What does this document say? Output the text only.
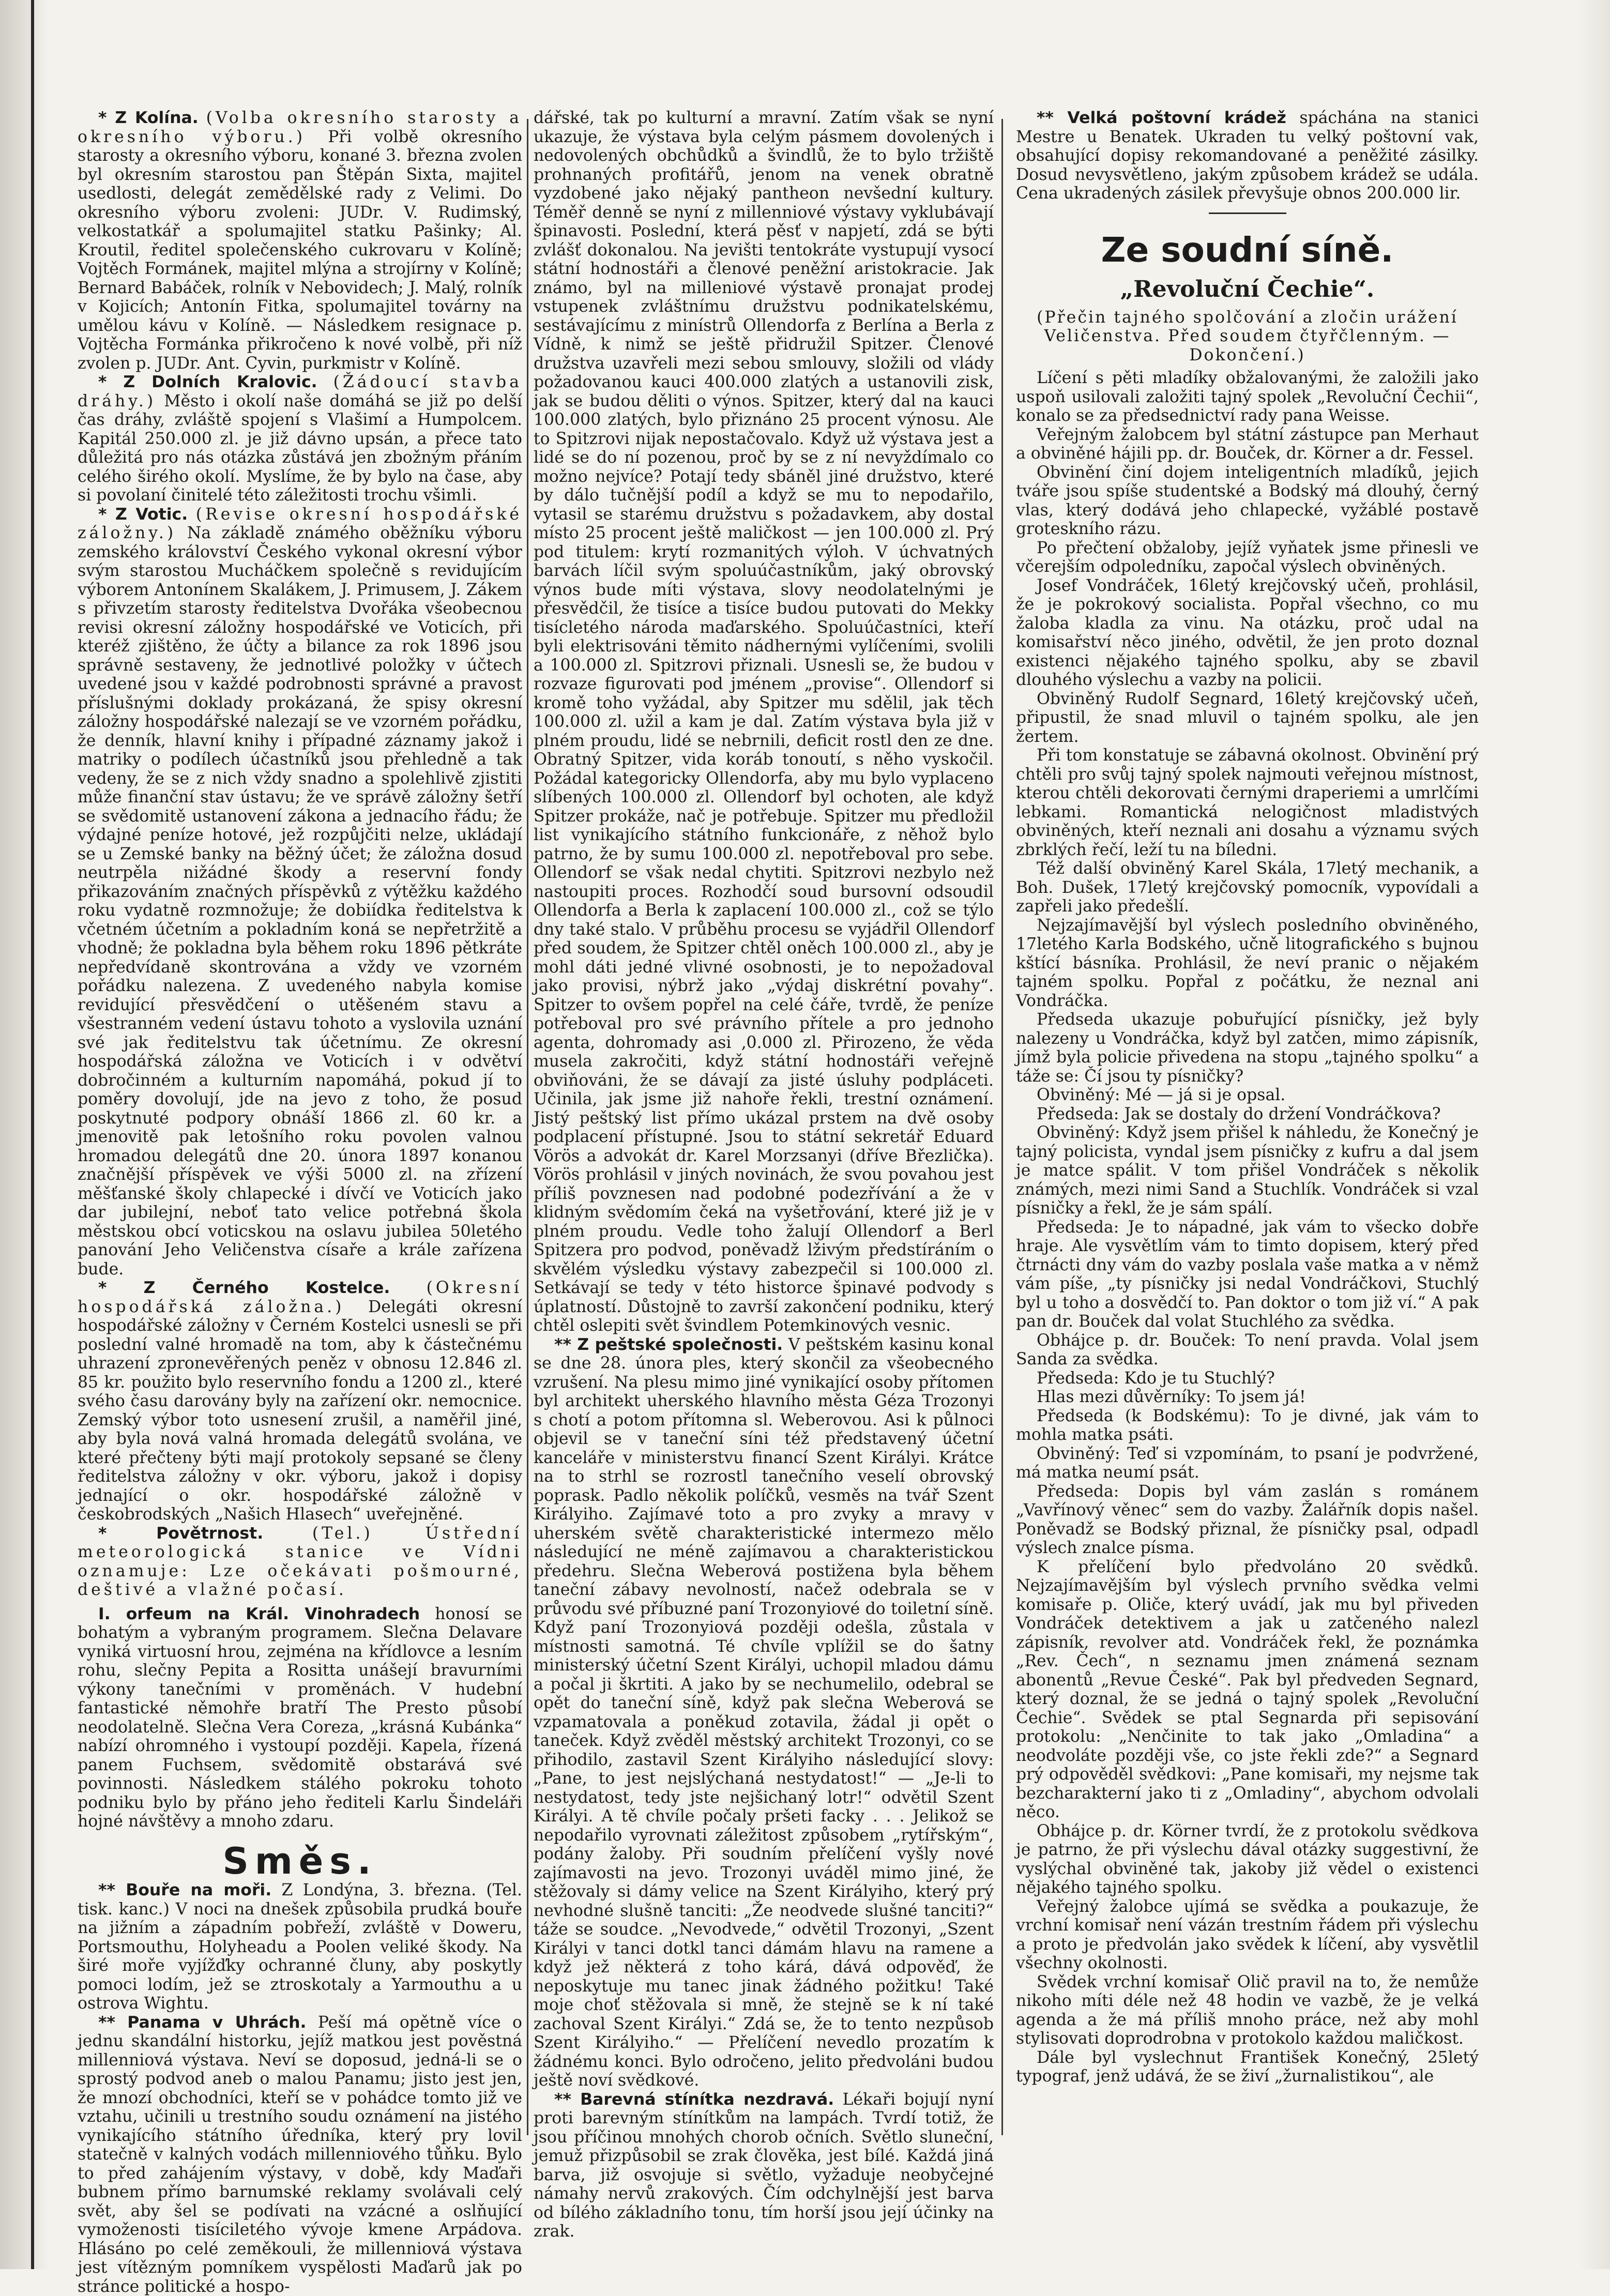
* Z Kolína. (Volba okresního starosty a okresního výboru.) Při volbě okresního starosty a okresního výboru, konané 3. března zvolen byl okresním starostou pan Štěpán Sixta, majitel usedlosti, delegát zemědělské rady z Velimi. Do okresního výboru zvoleni: JUDr. V. Rudimský, velkostatkář a spolumajitel statku Pašinky; Al. Kroutil, ředitel společenského cukrovaru v Kolíně; Vojtěch Formánek, majitel mlýna a strojírny v Kolíně; Bernard Babáček, rolník v Nebovidech; J. Malý, rolník v Kojicích; Antonín Fitka, spolumajitel továrny na umělou kávu v Kolíně. — Následkem resignace p. Vojtěcha Formánka přikročeno k nové volbě, při níž zvolen p. JUDr. Ant. Cyvin, purkmistr v Kolíně.

* Z Dolních Kralovic. (Žádoucí stavba dráhy.) Město i okolí naše domáhá se již po delší čas dráhy, zvláště spojení s Vlašimí a Humpolcem. Kapitál 250.000 zl. je již dávno upsán, a přece tato důležitá pro nás otázka zůstává jen zbožným přáním celého širého okolí. Myslíme, že by bylo na čase, aby si povolaní činitelé této záležitosti trochu všimli.

* Z Votic. (Revise okresní hospodářské záložny.) Na základě známého oběžníku výboru zemského království Českého vykonal okresní výbor svým starostou Mucháčkem společně s revidujícím výborem Antonínem Skalákem, J. Primusem, J. Zákem s přivzetím starosty ředitelstva Dvořáka všeobecnou revisi okresní záložny hospodářské ve Voticích, při kteréž zjištěno, že účty a bilance za rok 1896 jsou správně sestaveny, že jednotlivé položky v účtech uvedené jsou v každé podrobnosti správné a pravost příslušnými doklady prokázaná, že spisy okresní záložny hospodářské nalezají se ve vzorném pořádku, že denník, hlavní knihy i případné záznamy jakož i matriky o podílech účastníků jsou přehledně a tak vedeny, že se z nich vždy snadno a spolehlivě zjistiti může finanční stav ústavu; že ve správě záložny šetří se svědomitě ustanovení zákona a jednacího řádu; že výdajné peníze hotové, jež rozpůjčiti nelze, ukládají se u Zemské banky na běžný účet; že záložna dosud neutrpěla nižádné škody a reservní fondy přikazováním značných příspěvků z výtěžku každého roku vydatně rozmnožuje; že dobiídka ředitelstva k včetném účetním a pokladním koná se nepřetržitě a vhodně; že pokladna byla během roku 1896 pětkráte nepředvídaně skontrována a vždy ve vzorném pořádku nalezena. Z uvedeného nabyla komise revidující přesvědčení o utěšeném stavu a všestranném vedení ústavu tohoto a vyslovila uznání své jak ředitelstvu tak účetnímu. Ze okresní hospodářská záložna ve Voticích i v odvětví dobročinném a kulturním napomáhá, pokud jí to poměry dovolují, jde na jevo z toho, že posud poskytnuté podpory obnáší 1866 zl. 60 kr. a jmenovitě pak letošního roku povolen valnou hromadou delegátů dne 20. února 1897 konanou značnější příspěvek ve výši 5000 zl. na zřízení měšťanské školy chlapecké i dívčí ve Voticích jako dar jubilejní, neboť tato velice potřebná škola městskou obcí voticskou na oslavu jubilea 50letého panování Jeho Veličenstva císaře a krále zařízena bude.

* Z Černého Kostelce. (Okresní hospodářská záložna.) Delegáti okresní hospodářské záložny v Černém Kostelci usnesli se při poslední valné hromadě na tom, aby k částečnému uhrazení zpronevěřených peněz v obnosu 12.846 zl. 85 kr. použito bylo reservního fondu a 1200 zl., které svého času darovány byly na zařízení okr. nemocnice. Zemský výbor toto usnesení zrušil, a naměřil jiné, aby byla nová valná hromada delegátů svolána, ve které přečteny býti mají protokoly sepsané se členy ředitelstva záložny v okr. výboru, jakož i dopisy jednající o okr. hospodářské záložně v českobrodských „Našich Hlasech“ uveřejněné.

* Povětrnost.	(Tel.) Ústřední meteorologická stanice ve Vídni oznamuje: Lze očekávati pošmourné, deštivé a vlažné počasí.

I. orfeum na Král. Vinohradech honosí se bohatým a vybraným programem. Slečna Delavare vyniká virtuosní hrou, zejména na křídlovce a lesním rohu, slečny Pepita a Rositta unášejí bravurními výkony tanečními v proměnách. V hudební fantastické němohře bratří The Presto působí neodolatelně. Slečna Vera Coreza, „krásná Kubánka“ nabízí ohromného i vystoupí později. Kapela, řízená panem Fuchsem, svědomitě obstarává své povinnosti. Následkem stálého pokroku tohoto podniku bylo by přáno jeho řediteli Karlu Šindeláři hojné návštěvy a mnoho zdaru.

Směs.

** Bouře na moři. Z Londýna, 3. března. (Tel. tisk. kanc.) V noci na dnešek způsobila prudká bouře na jižním a západním pobřeží, zvláště v Doweru, Portsmouthu, Holyheadu a Poolen veliké škody. Na širé moře vyjížďky ochranné čluny, aby poskytly pomoci lodím, jež se ztroskotaly a Yarmouthu a u ostrova Wightu.

** Panama v Uhrách. Peší má opětně více o jednu skandální historku, jejíž matkou jest pověstná millenniová výstava. Neví se doposud, jedná-li se o sprostý podvod aneb o malou Panamu; jisto jest jen, že mnozí obchodníci, kteří se v pohádce tomto již ve vztahu, učinili u trestního soudu oznámení na jistého vynikajícího státního úředníka, který pry lovil statečně v kalných vodách millenniového tůňku. Bylo to před zahájením výstavy, v době, kdy Maďaři bubnem přímo barnumské reklamy svolávali celý svět, aby šel se podívati na vzácné a oslňující vymoženosti tisíciletého vývoje kmene Arpádova. Hlásáno po celé zeměkouli, že millenniová výstava jest vítězným pomníkem vyspělosti Maďarů jak po stránce politické a hospo-

dářské, tak po kulturní a mravní. Zatím však se nyní ukazuje, že výstava byla celým pásmem dovolených i nedovolených obchůdků a švindlů, že to bylo tržiště prohnaných profitářů, jenom na venek obratně vyzdobené jako nějaký pantheon nevšední kultury. Téměř denně se nyní z millenniové výstavy vyklubávají špinavosti. Poslední, která pěsť v napjetí, zdá se býti zvlášť dokonalou. Na jevišti tentokráte vystupují vysocí státní hodnostáři a členové peněžní aristokracie. Jak známo, byl na milleniové výstavě pronajat prodej vstupenek zvláštnímu družstvu podnikatelskému, sestávajícímu z minístrů Ollendorfa z Berlína a Berla z Vídně, k nimž se ještě přidružil Spitzer. Členové družstva uzavřeli mezi sebou smlouvy, složili od vlády požadovanou kauci 400.000 zlatých a ustanovili zisk, jak se budou děliti o výnos. Spitzer, který dal na kauci 100.000 zlatých, bylo přiznáno 25 procent výnosu. Ale to Spitzrovi nijak nepostačovalo. Když už výstava jest a lidé se do ní pozenou, proč by se z ní nevyždímalo co možno nejvíce? Potají tedy sbáněl jiné družstvo, které by dálo tučnější podíl a když se mu to nepodařilo, vytasil se starému družstvu s požadavkem, aby dostal místo 25 procent ještě maličkost — jen 100.000 zl. Prý pod titulem: krytí rozmanitých výloh. V úchvatných barvách líčil svým spoluúčastníkům, jaký obrovský výnos bude míti výstava, slovy neodolatelnými je přesvědčil, že tisíce a tisíce budou putovati do Mekky tisícletého národa maďarského. Spoluúčastníci, kteří byli elektrisováni těmito nádhernými vylíčeními, svolili a 100.000 zl. Spitzrovi přiznali. Usnesli se, že budou v rozvaze figurovati pod jménem „provise“. Ollendorf si kromě toho vyžádal, aby Spitzer mu sdělil, jak těch 100.000 zl. užil a kam je dal. Zatím výstava byla již v plném proudu, lidé se nebrnili, deficit rostl den ze dne. Obratný Spitzer, vida koráb tonoutí, s něho vyskočil. Požádal kategoricky Ollendorfa, aby mu bylo vyplaceno slíbených 100.000 zl. Ollendorf byl ochoten, ale když Spitzer prokáže, nač je potřebuje. Spitzer mu předložil list vynikajícího státního funkcionáře, z něhož bylo patrno, že by sumu 100.000 zl. nepotřeboval pro sebe. Ollendorf se však nedal chytiti. Spitzrovi nezbylo než nastoupiti proces. Rozhodčí soud bursovní odsoudil Ollendorfa a Berla k zaplacení 100.000 zl., což se týlo dny také stalo. V průběhu procesu se vyjádřil Ollendorf před soudem, že Spitzer chtěl oněch 100.000 zl., aby je mohl dáti jedné vlivné osobnosti, je to nepožadoval jako provisi, nýbrž jako „výdaj diskrétní povahy“. Spitzer to ovšem popřel na celé čáře, tvrdě, že peníze potřeboval pro své právního přítele a pro jednoho agenta, dohromady asi ‚0.000 zl. Přirozeno, že věda musela zakročiti, když státní hodnostáři veřejně obviňováni, že se dávají za jisté úsluhy podpláceti. Učinila, jak jsme již nahoře řekli, trestní oznámení. Jistý peštský list přímo ukázal prstem na dvě osoby podplacení přístupné. Jsou to státní sekretář Eduard Vörös a advokát dr. Karel Morzsanyi (dříve Březlička). Vörös prohlásil v jiných novinách, že svou povahou jest příliš povznesen nad podobné podezřívání a že v klidným svědomím čeká na vyšetřování, které již je v plném proudu. Vedle toho žalují Ollendorf a Berl Spitzera pro podvod, poněvadž lživým předstíráním o skvělém výsledku výstavy zabezpečil si 100.000 zl. Setkávají se tedy v této historce špinavé podvody s úplatností. Důstojně to završí zakončení podniku, který chtěl oslepiti svět švindlem Potemkinových vesnic.

** Z peštské společnosti. V peštském kasinu konal se dne 28. února ples, který skončil za všeobecného vzrušení. Na plesu mimo jiné vynikající osoby přítomen byl architekt uherského hlavního města Géza Trozonyi s chotí a potom přítomna sl. Weberovou. Asi k půlnoci objevil se v taneční síni též představený účetní kanceláře v ministerstvu financí Szent Királyi. Krátce na to strhl se rozrostl tanečního veselí obrovský poprask. Padlo několik políčků, vesměs na tvář Szent Királyiho. Zajímavé toto a pro zvyky a mravy v uherském světě charakteristické intermezo mělo následující ne méně zajímavou a charakteristickou předehru. Slečna Weberová postižena byla během taneční zábavy nevolností, načež odebrala se v průvodu své příbuzné paní Trozonyiové do toiletní síně. Když paní Trozonyiová později odešla, zůstala v místnosti samotná. Té chvíle vplížil se do šatny ministerský účetní Szent Királyi, uchopil mladou dámu a počal ji škrtiti. A jako by se nechumelilo, odebral se opět do taneční síně, když pak slečna Weberová se vzpamatovala a poněkud zotavila, žádal ji opět o taneček. Když zvěděl městský architekt Trozonyi, co se přihodilo, zastavil Szent Királyiho následující slovy: „Pane, to jest nejslýchaná nestydatost!“ — „Je-li to nestydatost, tedy jste nejšichaný lotr!“ odvětil Szent Királyi. A tě chvíle počaly pršeti facky . . . Jelikož se nepodařilo vyrovnati záležitost způsobem „rytířským“, podány žaloby. Při soudním přelíčení vyšly nové zajímavosti na jevo. Trozonyi uváděl mimo jiné, že stěžovaly si dámy velice na Szent Királyiho, který prý nevhodné slušně tanciti: „Že neodvede slušné tanciti?“ táže se soudce. „Nevodvede,“ odvětil Trozonyi, „Szent Királyi v tanci dotkl tanci dámám hlavu na ramene a když jež některá z toho kárá, dává odpověď, že neposkytuje mu tanec jinak žádného požitku! Také moje choť stěžovala si mně, že stejně se k ní také zachoval Szent Királyi.“ Zdá se, že to tento nezpůsob Szent Királyiho.“ — Přelíčení nevedlo prozatím k žádnému konci. Bylo odročeno, jelito předvoláni budou ještě noví svědkové.

** Barevná stínítka nezdravá. Lékaři bojují nyní proti barevným stínítkům na lampách. Tvrdí totiž, že jsou příčinou mnohých chorob očních. Světlo sluneční, jemuž přizpůsobil se zrak člověka, jest bílé. Každá jiná barva, již osvojuje si světlo, vyžaduje neobyčejné námahy nervů zrakových. Čím odchylnější jest barva od bílého základního tonu, tím horší jsou její účinky na zrak.

** Velká poštovní krádež spáchána na stanici Mestre u Benatek. Ukraden tu velký poštovní vak, obsahující dopisy rekomandované a peněžité zásilky. Dosud nevysvětleno, jakým způsobem krádež se udála. Cena ukradených zásilek převyšuje obnos 200.000 lir.

Ze soudní síně.
„Revoluční Čechie“.

(Přečin tajného spolčování a zločin urážení Veličenstva. Před soudem čtyřčlenným. — Dokončení.)

Líčení s pěti mladíky obžalovanými, že založili jako uspoň usilovali založiti tajný spolek „Revoluční Čechii“, konalo se za předsednictví rady pana Weisse.

Veřejným žalobcem byl státní zástupce pan Merhaut a obviněné hájili pp. dr. Bouček, dr. Körner a dr. Fessel.

Obvinění činí dojem inteligentních mladíků, jejich tváře jsou spíše studentské a Bodský má dlouhý, černý vlas, který dodává jeho chlapecké, vyžáblé postavě groteskního rázu.

Po přečtení obžaloby, jejíž vyňatek jsme přinesli ve včerejším odpoledníku, započal výslech obviněných.

Josef Vondráček, 16letý krejčovský učeň, prohlásil, že je pokrokový socialista. Popřal všechno, co mu žaloba kladla za vinu. Na otázku, proč udal na komisařství něco jiného, odvětil, že jen proto doznal existenci nějakého tajného spolku, aby se zbavil dlouhého výslechu a vazby na policii.

Obviněný Rudolf Segnard, 16letý krejčovský učeň, připustil, že snad mluvil o tajném spolku, ale jen žertem.

Při tom konstatuje se zábavná okolnost. Obvinění prý chtěli pro svůj tajný spolek najmouti veřejnou místnost, kterou chtěli dekorovati černými draperiemi a umrlčími lebkami. Romantická nelogičnost mladistvých obviněných, kteří neznali ani dosahu a významu svých zbrklých řečí, leží tu na bíledni.

Též další obviněný Karel Skála, 17letý mechanik, a Boh. Dušek, 17letý krejčovský pomocník, vypovídali a zapřeli jako předešlí.

Nejzajímavější byl výslech posledního obviněného, 17letého Karla Bodského, učně litografického s bujnou kštící básníka. Prohlásil, že neví pranic o nějakém tajném spolku. Popřal z počátku, že neznal ani Vondráčka.

Předseda ukazuje pobuřující písničky, jež byly nalezeny u Vondráčka, když byl zatčen, mimo zápisník, jímž byla policie přivedena na stopu „tajného spolku“ a táže se: Čí jsou ty písničky?

Obviněný: Mé — já si je opsal.

Předseda: Jak se dostaly do držení Vondráčkova?

Obviněný: Když jsem přišel k náhledu, že Konečný je tajný policista, vyndal jsem písničky z kufru a dal jsem je matce spálit. V tom přišel Vondráček s několik známých, mezi nimi Sand a Stuchlík. Vondráček si vzal písničky a řekl, že je sám spálí.

Předseda: Je to nápadné, jak vám to všecko dobře hraje. Ale vysvětlím vám to timto dopisem, který před čtrnácti dny vám do vazby poslala vaše matka a v němž vám píše, „ty písničky jsi nedal Vondráčkovi, Stuchlý byl u toho a dosvědčí to. Pan doktor o tom již ví.“ A pak pan dr. Bouček dal volat Stuchlého za svědka.

Obhájce p. dr. Bouček: To není pravda. Volal jsem Sanda za svědka.

Předseda: Kdo je tu Stuchlý?

Hlas mezi důvěrníky: To jsem já!

Předseda (k Bodskému): To je divné, jak vám to mohla matka psáti.

Obviněný: Teď si vzpomínám, to psaní je podvržené, má matka neumí psát.

Předseda: Dopis byl vám zaslán s románem „Vavřínový věnec“ sem do vazby. Žalářník dopis našel. Poněvadž se Bodský přiznal, že písničky psal, odpadl výslech znalce písma.

K přelíčení bylo předvoláno 20 svědků. Nejzajímavějším byl výslech prvního svědka velmi komisaře p. Oliče, který uvádí, jak mu byl přiveden Vondráček detektivem a jak u zatčeného nalezl zápisník, revolver atd. Vondráček řekl, že poznámka „Rev. Čech“, n seznamu jmen známená seznam abonentů „Revue České“. Pak byl předveden Segnard, který doznal, že se jedná o tajný spolek „Revoluční Čechie“. Svědek se ptal Segnarda při sepisování protokolu: „Nenčinite to tak jako „Omladina“ a neodvoláte později vše, co jste řekli zde?“ a Segnard prý odpověděl svědkovi: „Pane komisaři, my nejsme tak bezcharakterní jako ti z „Omladiny“, abychom odvolali něco.

Obhájce p. dr. Körner tvrdí, že z protokolu svědkova je patrno, že při výslechu dával otázky suggestivní, že vyslýchal obviněné tak, jakoby již vědel o existenci nějakého tajného spolku.

Veřejný žalobce ujímá se svědka a poukazuje, že vrchní komisař není vázán trestním řádem při výslechu a proto je předvolán jako svědek k líčení, aby vysvětlil všechny okolnosti.

Svědek vrchní komisař Olič pravil na to, že nemůže nikoho míti déle než 48 hodin ve vazbě, že je velká agenda a že má příliš mnoho práce, než aby mohl stylisovati doprodrobna v protokolo každou maličkost.

Dále byl vyslechnut František Konečný, 25letý typograf, jenž udává, že se živí „žurnalistikou“, ale
